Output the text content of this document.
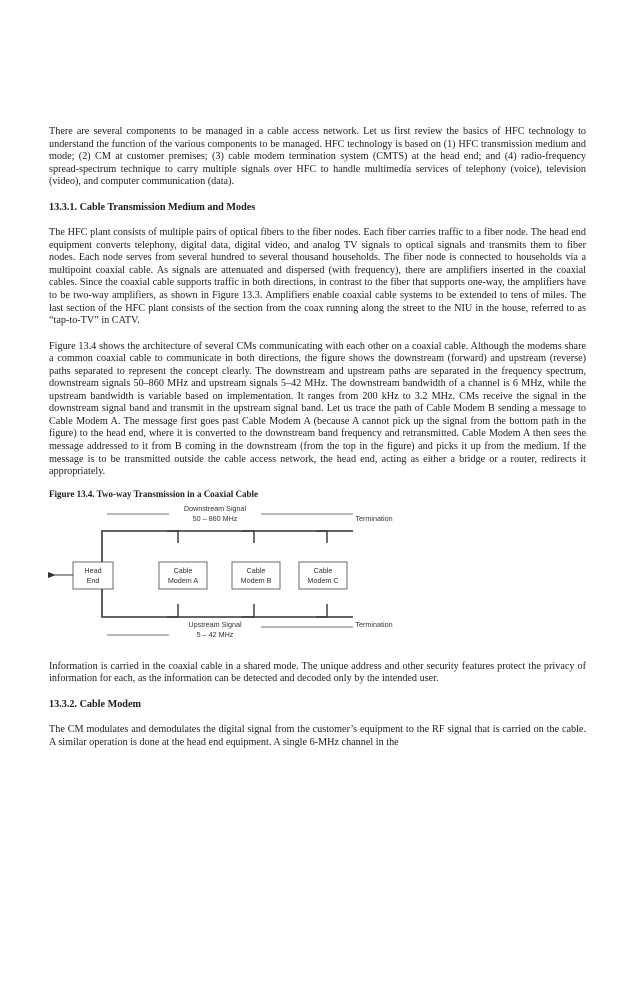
There are several components to be managed in a cable access network. Let us first review the basics of HFC technology to understand the function of the various components to be managed. HFC technology is based on (1) HFC transmission medium and mode; (2) CM at customer premises; (3) cable modem termination system (CMTS) at the head end; and (4) radio-frequency spread-spectrum technique to carry multiple signals over HFC to handle multimedia services of telephony (voice), television (video), and computer communication (data).

13.3.1. Cable Transmission Medium and Modes

The HFC plant consists of multiple pairs of optical fibers to the fiber nodes. Each fiber carries traffic to a fiber node. The head end equipment converts telephony, digital data, digital video, and analog TV signals to optical signals and transmits them to fiber nodes. Each node serves from several hundred to several thousand households. The fiber node is connected to households via a multipoint coaxial cable. As signals are attenuated and dispersed (with frequency), there are amplifiers inserted in the coaxial cables. Since the coaxial cable supports traffic in both directions, in contrast to the fiber that supports one-way, the amplifiers have to be two-way amplifiers, as shown in Figure 13.3. Amplifiers enable coaxial cable systems to be extended to tens of miles. The last section of the HFC plant consists of the section from the coax running along the street to the NIU in the house, referred to as “tap-to-TV” in CATV.

Figure 13.4 shows the architecture of several CMs communicating with each other on a coaxial cable. Although the modems share a common coaxial cable to communicate in both directions, the figure shows the downstream (forward) and upstream (reverse) paths separated to represent the concept clearly. The downstream and upstream paths are separated in the frequency spectrum, downstream signals 50–860 MHz and upstream signals 5–42 MHz. The downstream bandwidth of a channel is 6 MHz, while the upstream bandwidth is variable based on implementation. It ranges from 200 kHz to 3.2 MHz. CMs receive the signal in the downstream signal band and transmit in the upstream signal band. Let us trace the path of Cable Modem B sending a message to Cable Modem A. The message first goes past Cable Modem A (because A cannot pick up the signal from the bottom path in the figure) to the head end, where it is converted to the downstream band frequency and retransmitted. Cable Modem A then sees the message addressed to it from B coming in the downstream (from the top in the figure) and picks it up from the medium. If the message is to be transmitted outside the cable access network, the head end, acting as either a bridge or a router, redirects it appropriately.

Figure 13.4. Two-way Transmission in a Coaxial Cable

Downstream Signal
50 – 860 MHz	Termination
Head
End
Cable
Modem A
Cable
Modem B
Cable
Modem C
Upstream Signal
5 – 42 MHz
Termination

Information is carried in the coaxial cable in a shared mode. The unique address and other security features protect the privacy of information for each, as the information can be detected and decoded only by the intended user.

13.3.2. Cable Modem

The CM modulates and demodulates the digital signal from the customer’s equipment to the RF signal that is carried on the cable. A similar operation is done at the head end equipment. A single 6-MHz channel in the
